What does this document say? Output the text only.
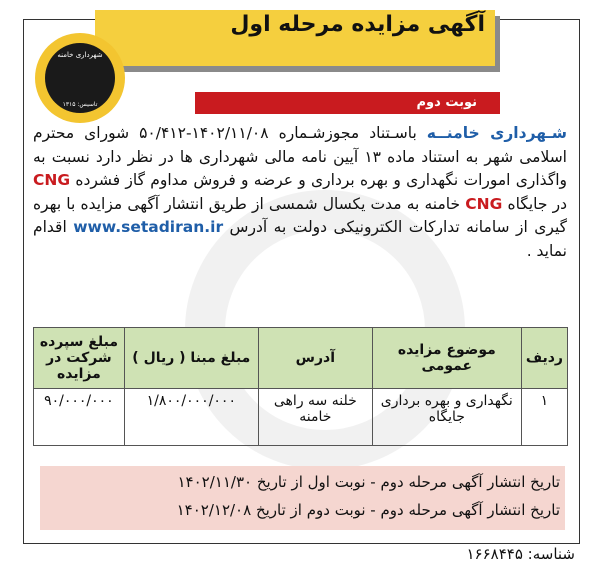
آگهی مزایده مرحله اول
نوبت دوم
شهرداری خامنه
تاسیس: ۱۳۱۵
شـهرداری خامنــه باسـتناد مجوزشـماره ۱۴۰۲/۱۱/۰۸-۵۰/۴۱۲ شورای محترم اسلامی شهر به استناد ماده ۱۳ آیین نامه مالی شهرداری ها در نظر دارد نسبت به واگذاری امورات نگهداری و بهره برداری و عرضه و فروش مداوم گاز فشرده CNG در جایگاه CNG خامنه به مدت یکسال شمسی از طریق انتشار آگهی مزایده با بهره گیری از سامانه تدارکات الکترونیکی دولت به آدرس www.setadiran.ir اقدام نماید .
ردیف	موضوع مزایده عمومی	آدرس	مبلغ مبنا ( ریال )	مبلغ سپرده شرکت در مزایده
۱	نگهداری و بهره برداری جایگاه	خلنه سه راهی خامنه	۱/۸۰۰/۰۰۰/۰۰۰	۹۰/۰۰۰/۰۰۰
تاریخ انتشار آگهی مرحله دوم - نوبت اول از تاریخ ۱۴۰۲/۱۱/۳۰
تاریخ انتشار آگهی مرحله دوم - نوبت دوم از تاریخ ۱۴۰۲/۱۲/۰۸
شناسه: ۱۶۶۸۴۴۵
